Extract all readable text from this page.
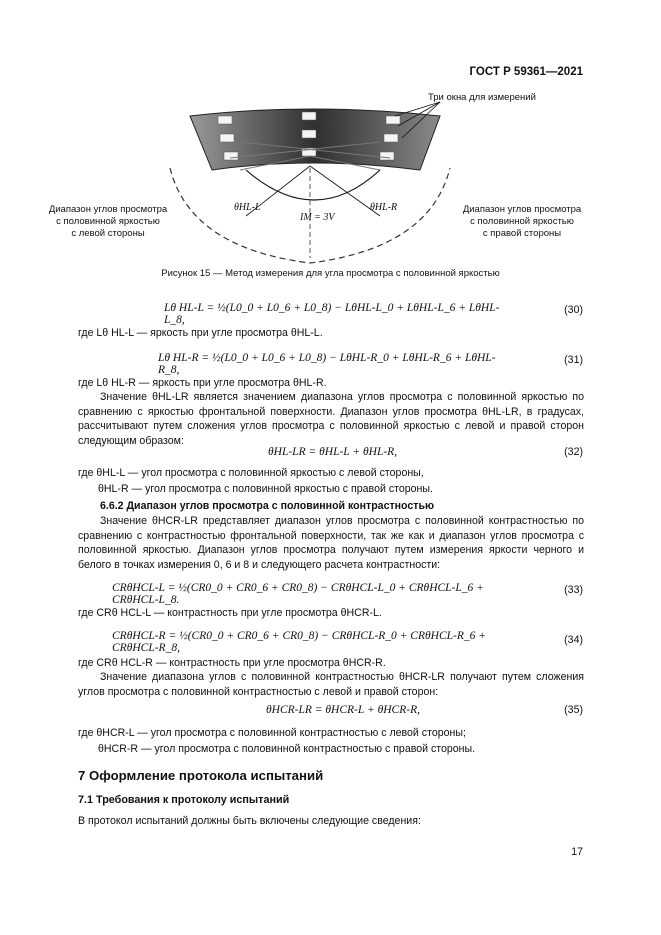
ГОСТ Р 59361—2021
Три окна для измерений
Диапазон углов просмотра
с половинной яркостью
с левой стороны
Диапазон углов просмотра
с половинной яркостью
с правой стороны
θHL-L	θHL-R
IM = 3V
Рисунок 15 — Метод измерения для угла просмотра с половинной яркостью
Lθ HL-L = ½(L0_0 + L0_6 + L0_8) − LθHL-L_0 + LθHL-L_6 + LθHL-L_8,
(30)
где Lθ HL-L — яркость при угле просмотра θHL-L.
Lθ HL-R = ½(L0_0 + L0_6 + L0_8) − LθHL-R_0 + LθHL-R_6 + LθHL-R_8,
(31)
где Lθ HL-R — яркость при угле просмотра θHL-R.
Значение θHL-LR является значением диапазона углов просмотра с половинной яркостью по сравнению с яркостью фронтальной поверхности. Диапазон углов просмотра θHL-LR, в градусах, рассчитывают путем сложения углов просмотра с половинной яркостью с левой и правой сторон следующим образом:
θHL-LR = θHL-L + θHL-R,	(32)
где θHL-L — угол просмотра с половинной яркостью с левой стороны,
θHL-R — угол просмотра с половинной яркостью с правой стороны.
6.6.2 Диапазон углов просмотра с половинной контрастностью
Значение θHCR-LR представляет диапазон углов просмотра с половинной контрастностью по сравнению с контрастностью фронтальной поверхности, так же как и диапазон углов просмотра с половинной яркостью. Диапазон углов просмотра получают путем измерения яркости черного и белого в точках измерения 0, 6 и 8 и следующего расчета контрастности:
CRθHCL-L = ½(CR0_0 + CR0_6 + CR0_8) − CRθHCL-L_0 + CRθHCL-L_6 + CRθHCL-L_8.
(33)
где CRθ HCL-L — контрастность при угле просмотра θHCR-L.
CRθHCL-R = ½(CR0_0 + CR0_6 + CR0_8) − CRθHCL-R_0 + CRθHCL-R_6 + CRθHCL-R_8,
(34)
где CRθ HCL-R — контрастность при угле просмотра θHCR-R.
Значение диапазона углов с половинной контрастностью θHCR-LR получают путем сложения углов просмотра с половинной контрастностью с левой и правой сторон:
θHCR-LR = θHCR-L + θHCR-R,	(35)
где θHCR-L — угол просмотра с половинной контрастностью с левой стороны;
θHCR-R — угол просмотра с половинной контрастностью с правой стороны.
7 Оформление протокола испытаний
7.1 Требования к протоколу испытаний
В протокол испытаний должны быть включены следующие сведения:
17
